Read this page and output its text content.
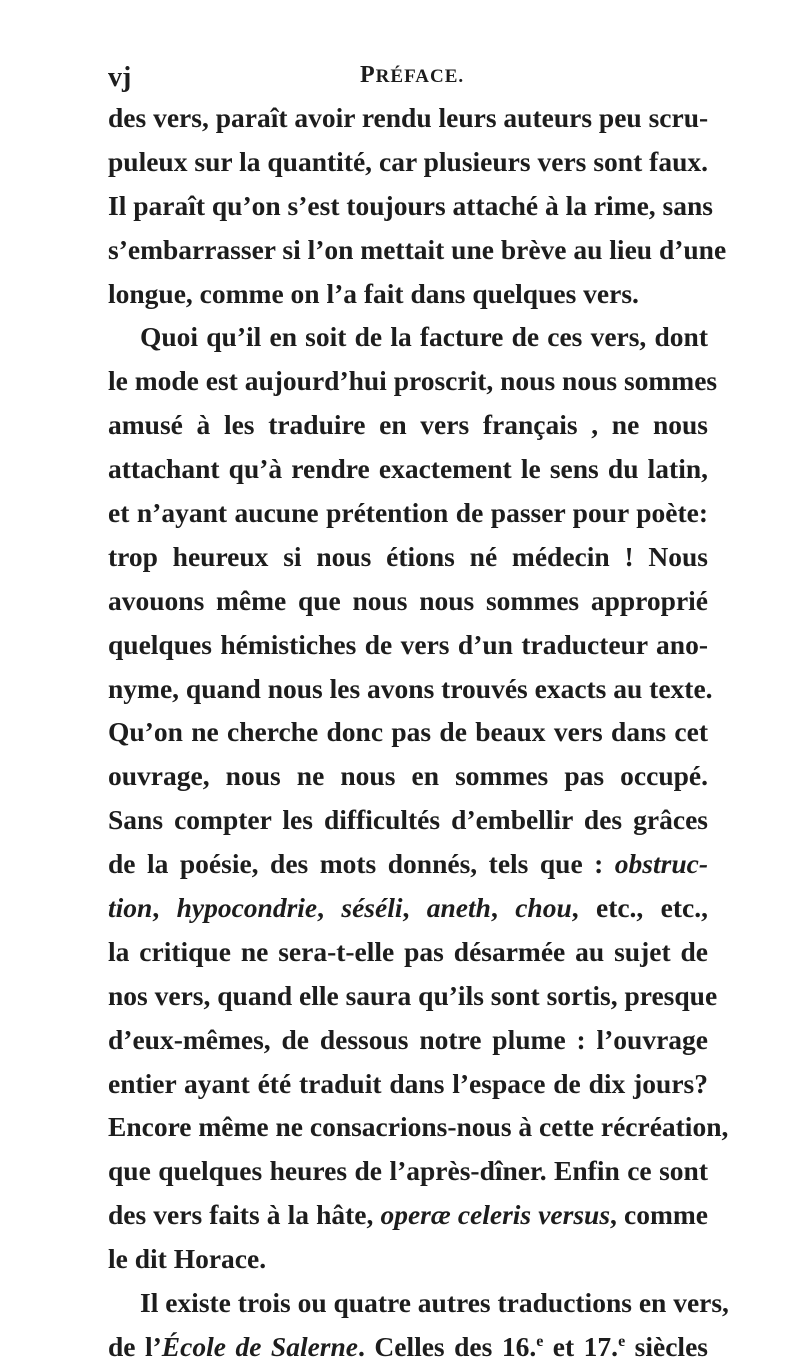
vj	PRÉFACE.
des vers, paraît avoir rendu leurs auteurs peu scru-
puleux sur la quantité, car plusieurs vers sont faux.
Il paraît qu’on s’est toujours attaché à la rime, sans
s’embarrasser si l’on mettait une brève au lieu d’une
longue, comme on l’a fait dans quelques vers.
Quoi qu’il en soit de la facture de ces vers, dont
le mode est aujourd’hui proscrit, nous nous sommes
amusé à les traduire en vers français , ne nous
attachant qu’à rendre exactement le sens du latin,
et n’ayant aucune prétention de passer pour poète:
trop heureux si nous étions né médecin ! Nous
avouons même que nous nous sommes approprié
quelques hémistiches de vers d’un traducteur ano-
nyme, quand nous les avons trouvés exacts au texte.
Qu’on ne cherche donc pas de beaux vers dans cet
ouvrage, nous ne nous en sommes pas occupé.
Sans compter les difficultés d’embellir des grâces
de la poésie, des mots donnés, tels que : obstruc-
tion, hypocondrie, séséli, aneth, chou, etc., etc.,
la critique ne sera-t-elle pas désarmée au sujet de
nos vers, quand elle saura qu’ils sont sortis, presque
d’eux-mêmes, de dessous notre plume : l’ouvrage
entier ayant été traduit dans l’espace de dix jours?
Encore même ne consacrions-nous à cette récréation,
que quelques heures de l’après-dîner. Enfin ce sont
des vers faits à la hâte, operæ celeris versus, comme
le dit Horace.
Il existe trois ou quatre autres traductions en vers,
de l’École de Salerne. Celles des 16.$^e$ et 17.$^e$ siècles
